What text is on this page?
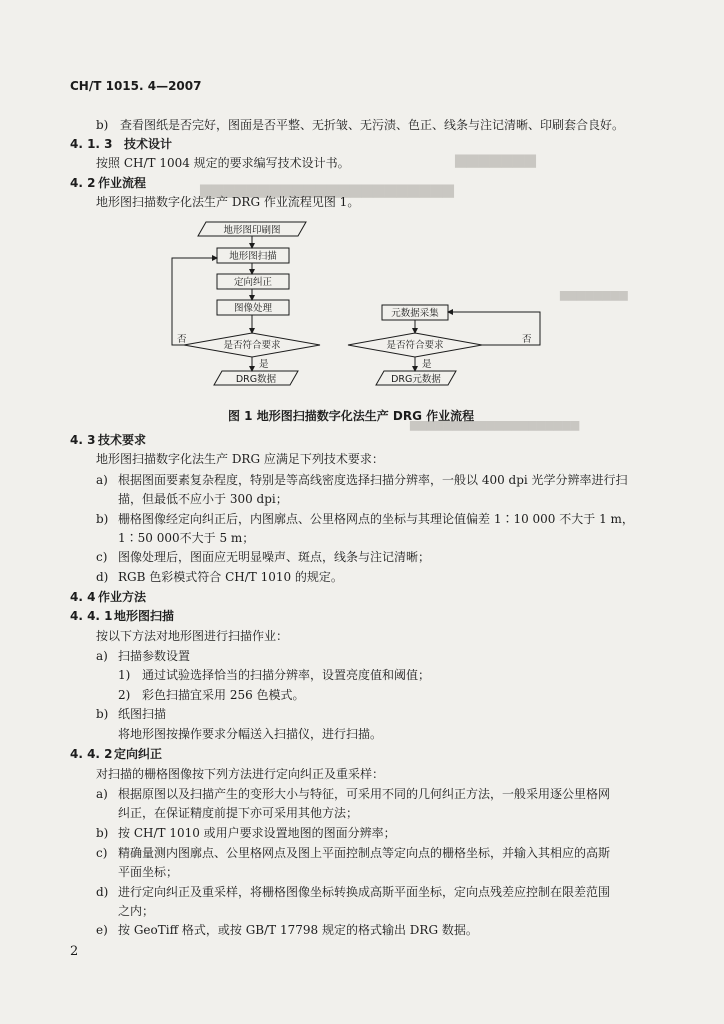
▆▆▆▆▆▆▆
▆▆▆▆▆▆▆▆▆▆▆▆▆▆▆▆▆▆▆▆▆▆
▆▆▆▆▆▆▆▆
▆▆▆▆▆▆▆▆▆▆▆▆▆▆▆▆▆▆▆▆
CH/T 1015. 4—2007
b) 查看图纸是否完好，图面是否平整、无折皱、无污渍、色正、线条与注记清晰、印刷套合良好。
4. 1. 3 技术设计
按照 CH/T 1004 规定的要求编写技术设计书。
4. 2 作业流程
地形图扫描数字化法生产 DRG 作业流程见图 1。
地形图印刷图
地形图扫描
定向纠正
图像处理
是否符合要求
否
是
DRG数据
元数据采集
是否符合要求
否
是
DRG元数据
图 1 地形图扫描数字化法生产 DRG 作业流程
4. 3 技术要求
地形图扫描数字化法生产 DRG 应满足下列技术要求：
a) 根据图面要素复杂程度，特别是等高线密度选择扫描分辨率，一般以 400 dpi 光学分辨率进行扫
描，但最低不应小于 300 dpi；
b) 栅格图像经定向纠正后，内图廓点、公里格网点的坐标与其理论值偏差 1∶10 000 不大于 1 m，
1∶50 000不大于 5 m；
c) 图像处理后，图面应无明显噪声、斑点，线条与注记清晰；
d) RGB 色彩模式符合 CH/T 1010 的规定。
4. 4 作业方法
4. 4. 1 地形图扫描
按以下方法对地形图进行扫描作业：
a) 扫描参数设置
1) 通过试验选择恰当的扫描分辨率，设置亮度值和阈值；
2) 彩色扫描宜采用 256 色模式。
b) 纸图扫描
将地形图按操作要求分幅送入扫描仪，进行扫描。
4. 4. 2 定向纠正
对扫描的栅格图像按下列方法进行定向纠正及重采样：
a) 根据原图以及扫描产生的变形大小与特征，可采用不同的几何纠正方法，一般采用逐公里格网
纠正，在保证精度前提下亦可采用其他方法；
b) 按 CH/T 1010 或用户要求设置地图的图面分辨率；
c) 精确量测内图廓点、公里格网点及图上平面控制点等定向点的栅格坐标，并输入其相应的高斯
平面坐标；
d) 进行定向纠正及重采样，将栅格图像坐标转换成高斯平面坐标，定向点残差应控制在限差范围
之内；
e) 按 GeoTiff 格式，或按 GB/T 17798 规定的格式输出 DRG 数据。
2
